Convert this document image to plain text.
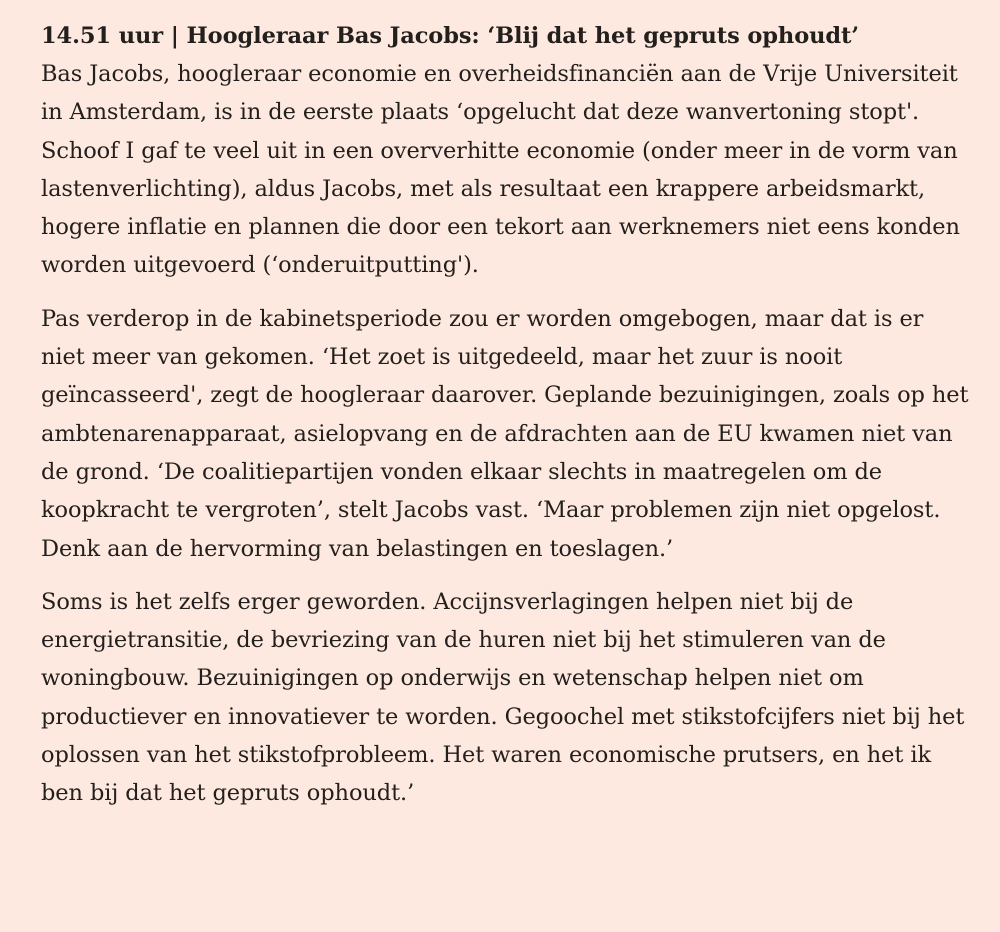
14.51 uur | Hoogleraar Bas Jacobs: ‘Blij dat het gepruts ophoudt’

Bas Jacobs, hoogleraar economie en overheidsfinanciën aan de Vrije Universiteit in Amsterdam, is in de eerste plaats ‘opgelucht dat deze wanvertoning stopt'. Schoof I gaf te veel uit in een oververhitte economie (onder meer in de vorm van lastenverlichting), aldus Jacobs, met als resultaat een krappere arbeidsmarkt, hogere inflatie en plannen die door een tekort aan werknemers niet eens konden worden uitgevoerd (‘onderuitputting').

Pas verderop in de kabinetsperiode zou er worden omgebogen, maar dat is er niet meer van gekomen. ‘Het zoet is uitgedeeld, maar het zuur is nooit geïncasseerd', zegt de hoogleraar daarover. Geplande bezuinigingen, zoals op het ambtenarenapparaat, asielopvang en de afdrachten aan de EU kwamen niet van de grond. ‘De coalitiepartijen vonden elkaar slechts in maatregelen om de koopkracht te vergroten’, stelt Jacobs vast. ‘Maar problemen zijn niet opgelost. Denk aan de hervorming van belastingen en toeslagen.’

Soms is het zelfs erger geworden. Accijnsverlagingen helpen niet bij de energietransitie, de bevriezing van de huren niet bij het stimuleren van de woningbouw. Bezuinigingen op onderwijs en wetenschap helpen niet om productiever en innovatiever te worden. Gegoochel met stikstofcijfers niet bij het oplossen van het stikstofprobleem. Het waren economische prutsers, en het ik ben bij dat het gepruts ophoudt.’
